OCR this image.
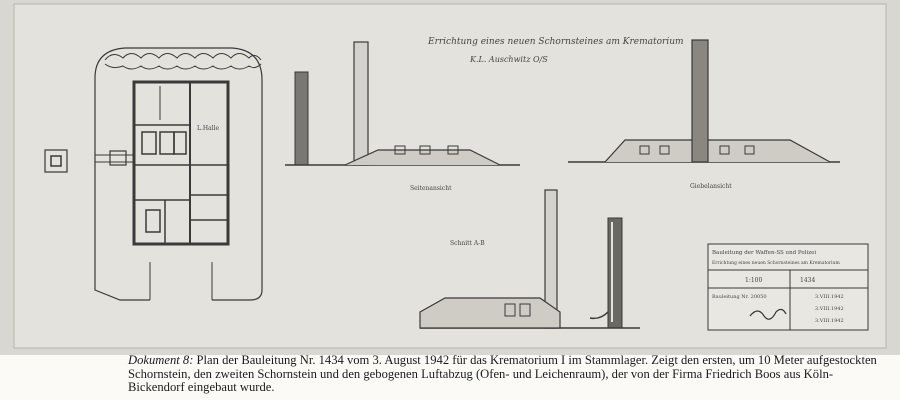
L.Halle
Seitenansicht
Errichtung eines neuen Schornsteines am Krematorium
K.L. Auschwitz O/S
Giebelansicht
Schnitt A-B
Bauleitung der Waffen-SS und Polizei
Errichtung eines neuen Schornsteines am Krematorium
1:100	1434
Bauleitung Nr. 20050	3.VIII.1942
3.VIII.1942
3.VIII.1942
Dokument 8: Plan der Bauleitung Nr. 1434 vom 3. August 1942 für das Krematorium I im Stammlager. Zeigt den ersten, um 10 Meter aufgestockten Schornstein, den zweiten Schornstein und den gebogenen Luftabzug (Ofen- und Leichenraum), der von der Firma Friedrich Boos aus Köln-Bickendorf eingebaut wurde.
